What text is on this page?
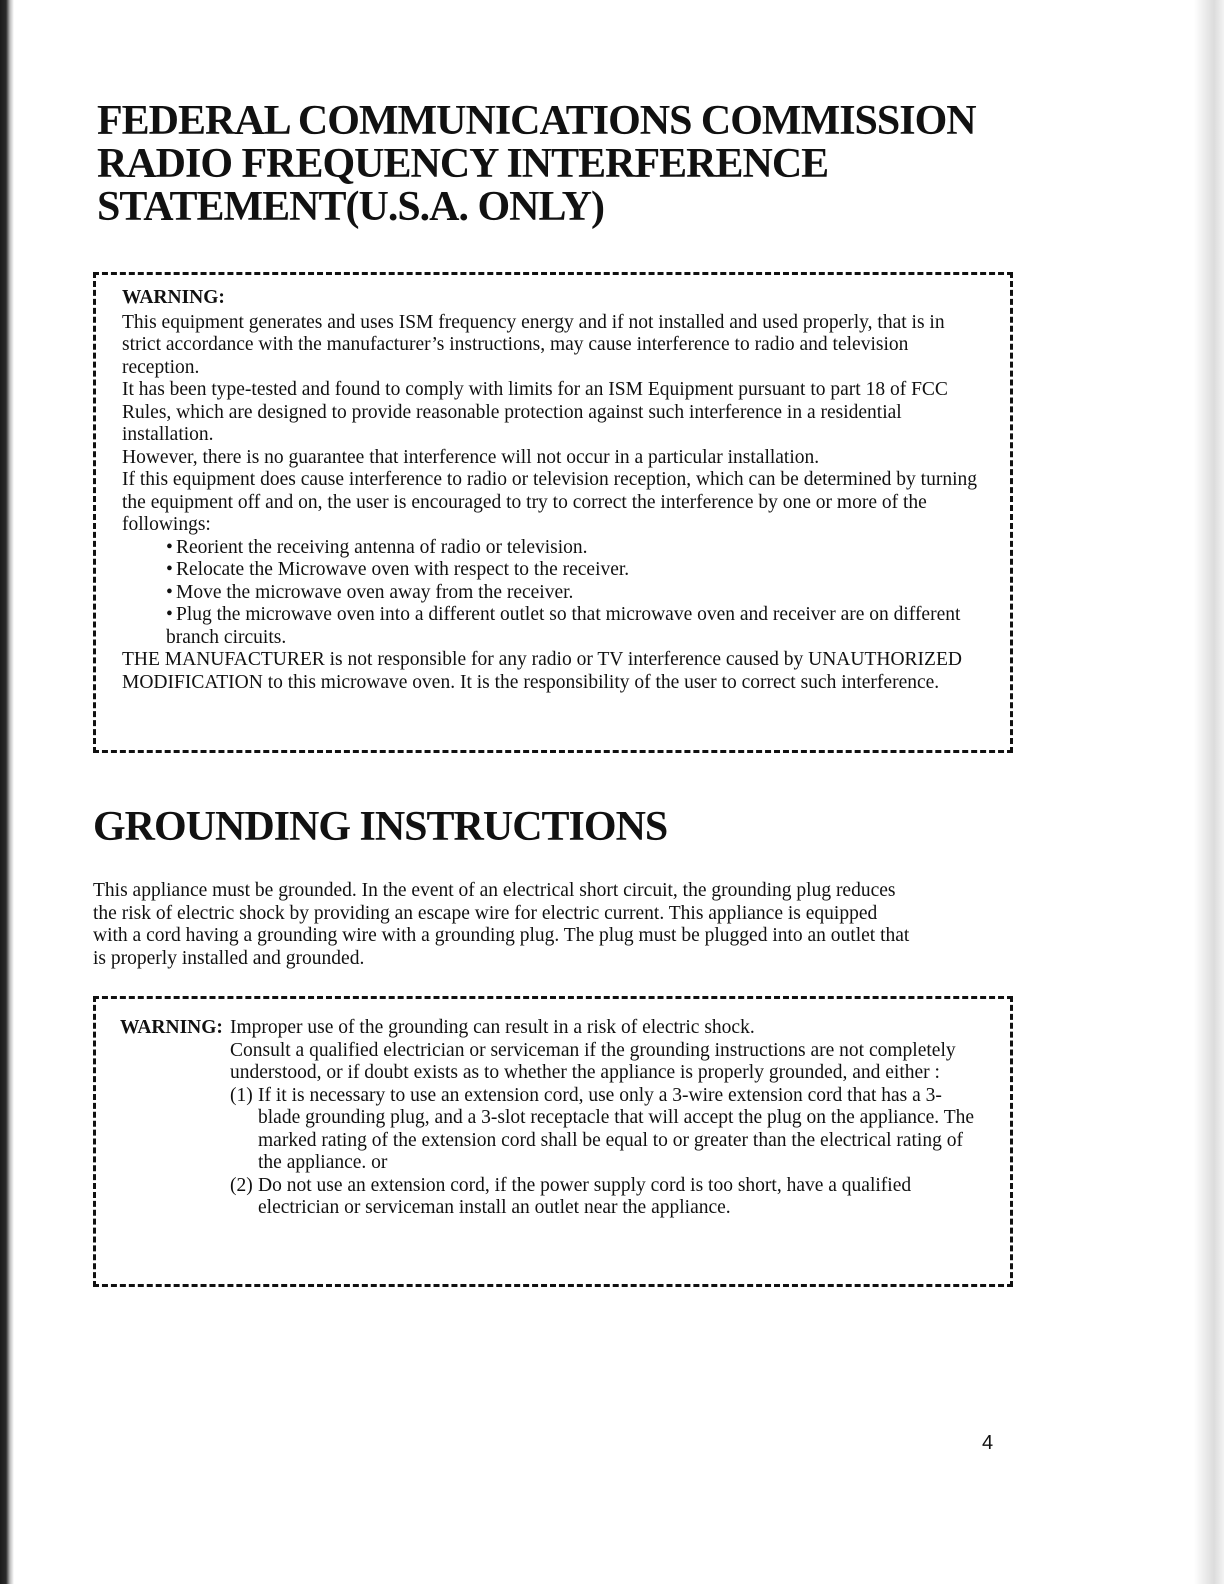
FEDERAL COMMUNICATIONS COMMISSION RADIO FREQUENCY INTERFERENCE STATEMENT(U.S.A. ONLY)
WARNING:
This equipment generates and uses ISM frequency energy and if not installed and used properly, that is in strict accordance with the manufacturer’s instructions, may cause interference to radio and television reception.
It has been type-tested and found to comply with limits for an ISM Equipment pursuant to part 18 of FCC Rules, which are designed to provide reasonable protection against such interference in a residential installation.
However, there is no guarantee that interference will not occur in a particular installation.
If this equipment does cause interference to radio or television reception, which can be determined by turning the equipment off and on, the user is encouraged to try to correct the interference by one or more of the followings:
• Reorient the receiving antenna of radio or television.
• Relocate the Microwave oven with respect to the receiver.
• Move the microwave oven away from the receiver.
• Plug the microwave oven into a different outlet so that microwave oven and receiver are on different branch circuits.
THE MANUFACTURER is not responsible for any radio or TV interference caused by UNAUTHORIZED MODIFICATION to this microwave oven. It is the responsibility of the user to correct such interference.
GROUNDING INSTRUCTIONS

This appliance must be grounded. In the event of an electrical short circuit, the grounding plug reduces the risk of electric shock by providing an escape wire for electric current. This appliance is equipped with a cord having a grounding wire with a grounding plug. The plug must be plugged into an outlet that is properly installed and grounded.

WARNING: Improper use of the grounding can result in a risk of electric shock.
Consult a qualified electrician or serviceman if the grounding instructions are not completely understood, or if doubt exists as to whether the appliance is properly grounded, and either :
(1) If it is necessary to use an extension cord, use only a 3-wire extension cord that has a 3-blade grounding plug, and a 3-slot receptacle that will accept the plug on the appliance. The marked rating of the extension cord shall be equal to or greater than the electrical rating of the appliance. or
(2) Do not use an extension cord, if the power supply cord is too short, have a qualified electrician or serviceman install an outlet near the appliance.
4
